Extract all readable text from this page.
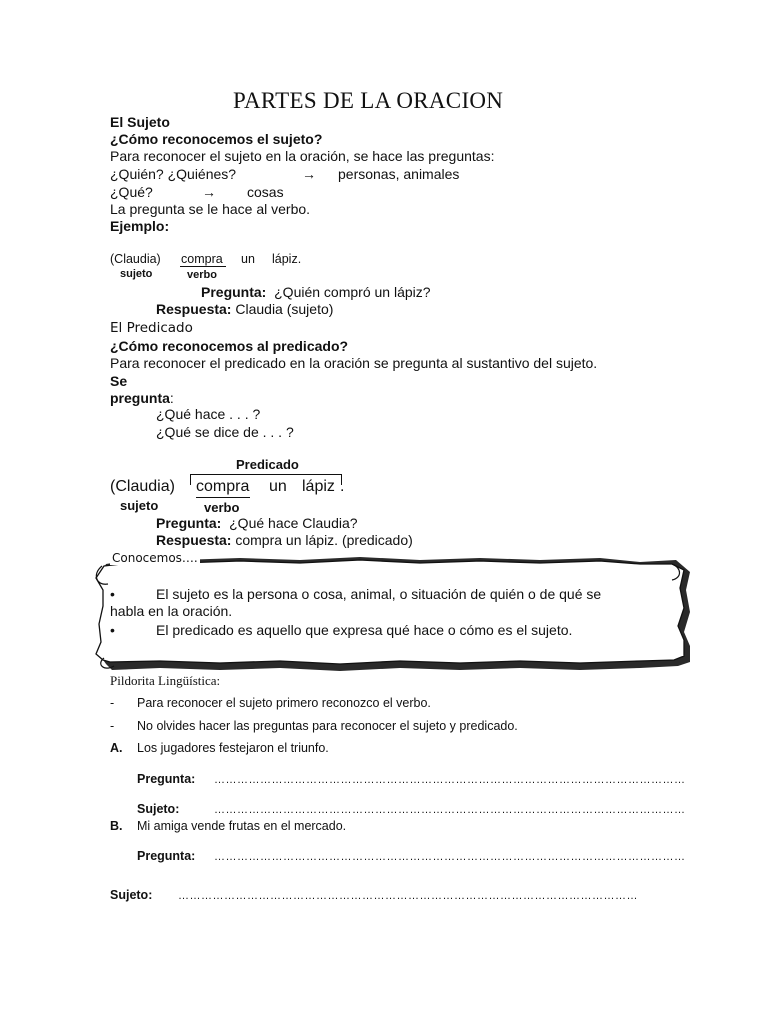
PARTES DE LA ORACION
El Sujeto
¿Cómo reconocemos el sujeto?
Para reconocer el sujeto en la oración, se hace las preguntas:
¿Quién? ¿Quiénes?	→ personas, animales
¿Qué?	→ cosas
La pregunta se le hace al verbo.
Ejemplo:
(Claudia) compra un lápiz.
sujeto	verbo
Pregunta: ¿Quién compró un lápiz?
Respuesta: Claudia (sujeto)
El Predicado
¿Cómo reconocemos al predicado?
Para reconocer el predicado en la oración se pregunta al sustantivo del sujeto.
Se
pregunta:
¿Qué hace . . . ?
¿Qué se dice de . . . ?
Predicado
(Claudia) compra un lápiz .
sujeto	verbo
Pregunta: ¿Qué hace Claudia?
Respuesta: compra un lápiz. (predicado)
Conocemos….
•	El sujeto es la persona o cosa, animal, o situación de quién o de qué se
habla en la oración.
•	El predicado es aquello que expresa qué hace o cómo es el sujeto.
Pildorita Lingüística:
- Para reconocer el sujeto primero reconozco el verbo.
- No olvides hacer las preguntas para reconocer el sujeto y predicado.
A. Los jugadores festejaron el triunfo.
Pregunta: ……………………………………………………………………………………………………………
Sujeto:	……………………………………………………………………………………………………………
B. Mi amiga vende frutas en el mercado.
Pregunta: ……………………………………………………………………………………………………………
Sujeto: …………………………………………………………………………………………………………
